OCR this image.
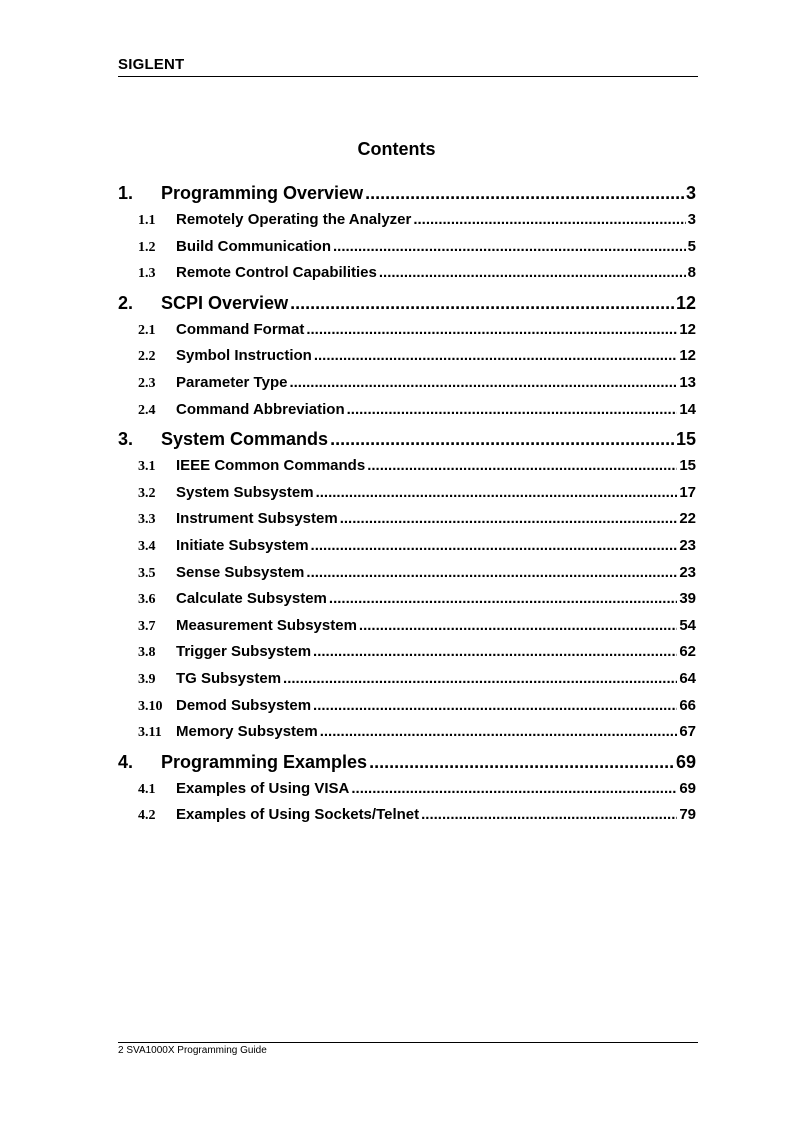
SIGLENT
Contents
1.	Programming Overview .....	3
1.1	Remotely Operating the Analyzer .....	3
1.2	Build Communication .....	5
1.3	Remote Control Capabilities .....	8
2.	SCPI Overview .....	12
2.1	Command Format .....	12
2.2	Symbol Instruction .....	12
2.3	Parameter Type .....	13
2.4	Command Abbreviation .....	14
3.	System Commands .....	15
3.1	IEEE Common Commands .....	15
3.2	System Subsystem .....	17
3.3	Instrument Subsystem .....	22
3.4	Initiate Subsystem .....	23
3.5	Sense Subsystem .....	23
3.6	Calculate Subsystem .....	39
3.7	Measurement Subsystem .....	54
3.8	Trigger Subsystem .....	62
3.9	TG Subsystem .....	64
3.10 Demod Subsystem .....	66
3.11 Memory Subsystem .....	67
4.	Programming Examples .....	69
4.1	Examples of Using VISA .....	69
4.2	Examples of Using Sockets/Telnet .....	79
2 SVA1000X Programming Guide
